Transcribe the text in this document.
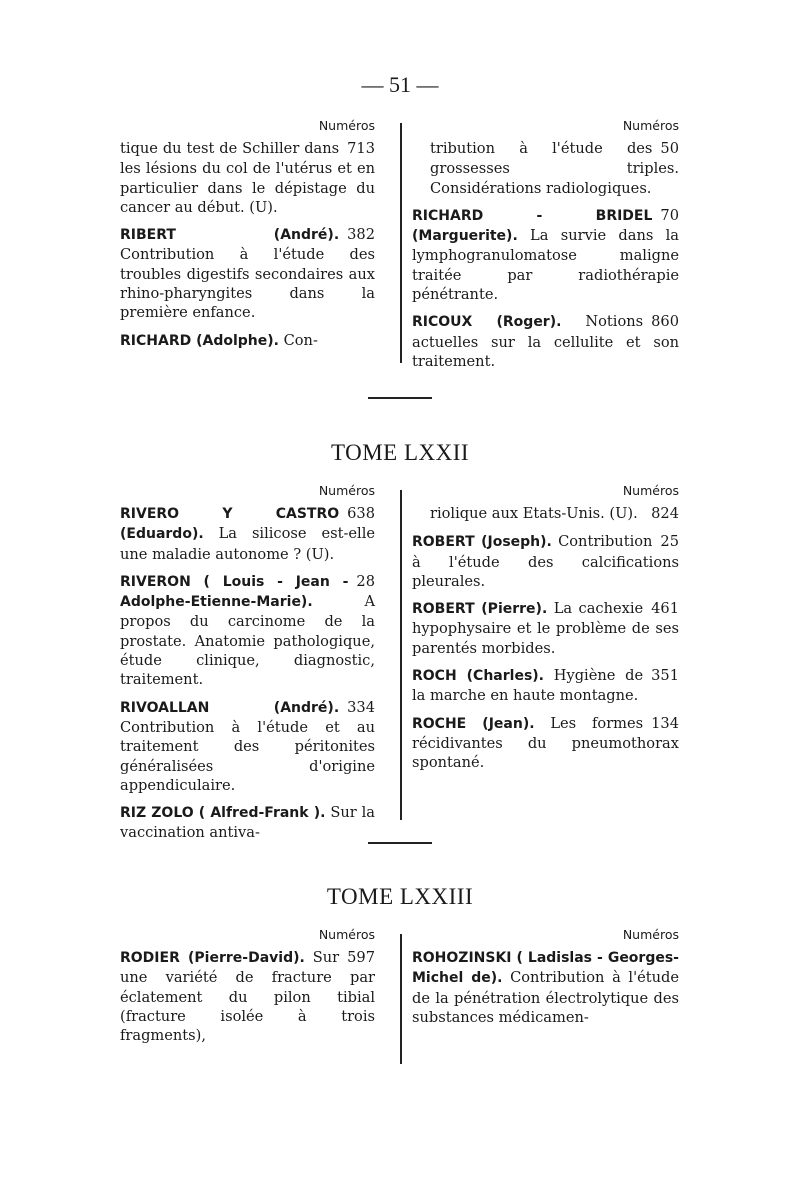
— 51 —
Numéros
713
tique du test de Schiller dans les lésions du col de l'utérus et en particulier dans le dépistage du cancer au début. (U).
382
RIBERT (André). Contribution à l'étude des troubles digestifs secondaires aux rhino-pharyngites dans la première enfance.
RICHARD (Adolphe). Con-
Numéros
50
tribution à l'étude des grossesses triples. Considérations radiologiques.
70
RICHARD - BRIDEL (Marguerite). La survie dans la lymphogranulomatose maligne traitée par radiothérapie pénétrante.
860
RICOUX (Roger). Notions actuelles sur la cellulite et son traitement.
TOME LXXII
Numéros
638
RIVERO Y CASTRO (Eduardo). La silicose est-elle une maladie autonome ? (U).
28
RIVERON ( Louis - Jean - Adolphe-Etienne-Marie). A propos du carcinome de la prostate. Anatomie pathologique, étude clinique, diagnostic, traitement.
334
RIVOALLAN (André). Contribution à l'étude et au traitement des péritonites généralisées d'origine appendiculaire.
RIZ ZOLO ( Alfred-Frank ). Sur la vaccination antiva-
Numéros
824
riolique aux Etats-Unis. (U).
25
ROBERT (Joseph). Contribution à l'étude des calcifications pleurales.
461
ROBERT (Pierre). La cachexie hypophysaire et le problème de ses parentés morbides.
351
ROCH (Charles). Hygiène de la marche en haute montagne.
134
ROCHE (Jean). Les formes récidivantes du pneumothorax spontané.
TOME LXXIII
Numéros
597
RODIER (Pierre-David). Sur une variété de fracture par éclatement du pilon tibial (fracture isolée à trois fragments),
Numéros
ROHOZINSKI ( Ladislas - Georges-Michel de). Contribution à l'étude de la pénétration électrolytique des substances médicamen-
